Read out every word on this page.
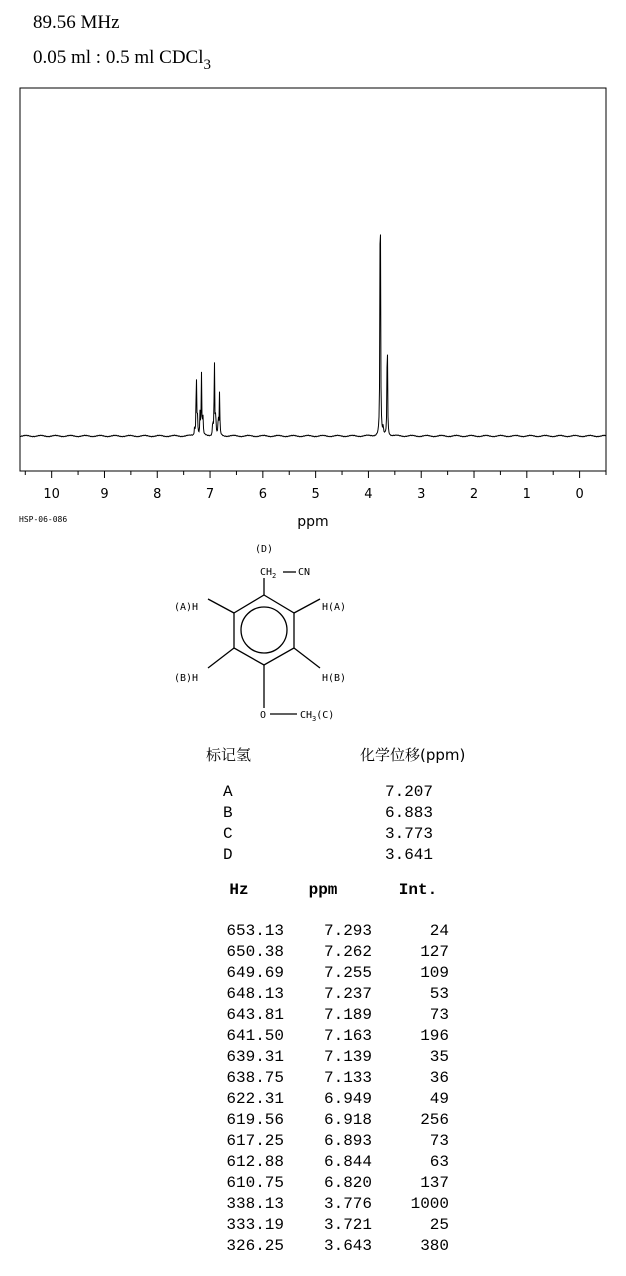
89.56 MHz
0.05 ml : 0.5 ml CDCl$_3$
10	9	8	7	6	5	4	3	2	1	0
ppm
HSP-06-086
(D)
$CH_2$ CN
(A)H	H(A)
(B)H	H(B)
O	$CH_3(C)$
标记氢	化学位移(ppm)
A	7.207
B	6.883
C	3.773
D	3.641
Hz	ppm	Int.
653.13	7.293	24
650.38	7.262	127
649.69	7.255	109
648.13	7.237	53
643.81	7.189	73
641.50	7.163	196
639.31	7.139	35
638.75	7.133	36
622.31	6.949	49
619.56	6.918	256
617.25	6.893	73
612.88	6.844	63
610.75	6.820	137
338.13	3.776	1000
333.19	3.721	25
326.25	3.643	380
